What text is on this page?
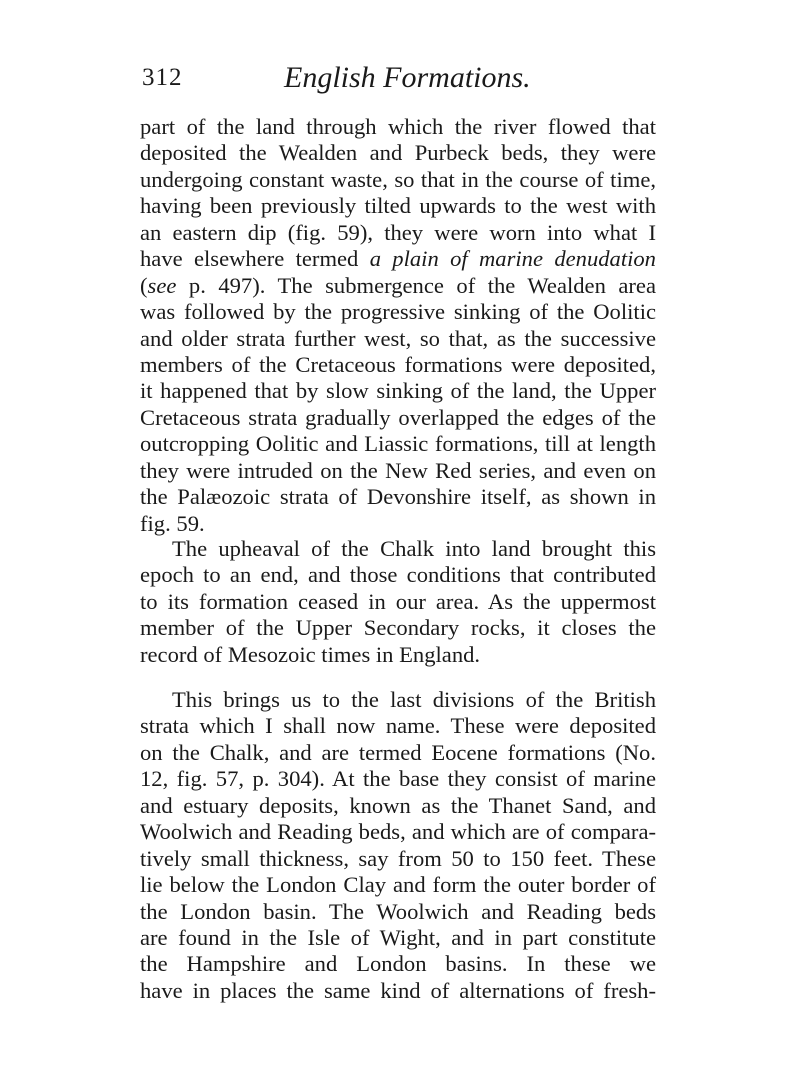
312	English Formations.
part of the land through which the river flowed that
deposited the Wealden and Purbeck beds, they were
undergoing constant waste, so that in the course of time,
having been previously tilted upwards to the west with
an eastern dip (fig. 59), they were worn into what I
have elsewhere termed a plain of marine denudation
(see p. 497). The submergence of the Wealden area
was followed by the progressive sinking of the Oolitic
and older strata further west, so that, as the successive
members of the Cretaceous formations were deposited,
it happened that by slow sinking of the land, the Upper
Cretaceous strata gradually overlapped the edges of the
outcropping Oolitic and Liassic formations, till at length
they were intruded on the New Red series, and even on
the Palæozoic strata of Devonshire itself, as shown in
fig. 59.
The upheaval of the Chalk into land brought this
epoch to an end, and those conditions that contributed
to its formation ceased in our area. As the uppermost
member of the Upper Secondary rocks, it closes the
record of Mesozoic times in England.
This brings us to the last divisions of the British
strata which I shall now name. These were deposited
on the Chalk, and are termed Eocene formations (No.
12, fig. 57, p. 304). At the base they consist of marine
and estuary deposits, known as the Thanet Sand, and
Woolwich and Reading beds, and which are of compara-
tively small thickness, say from 50 to 150 feet. These
lie below the London Clay and form the outer border of
the London basin. The Woolwich and Reading beds
are found in the Isle of Wight, and in part constitute
the Hampshire and London basins. In these we
have in places the same kind of alternations of fresh-
